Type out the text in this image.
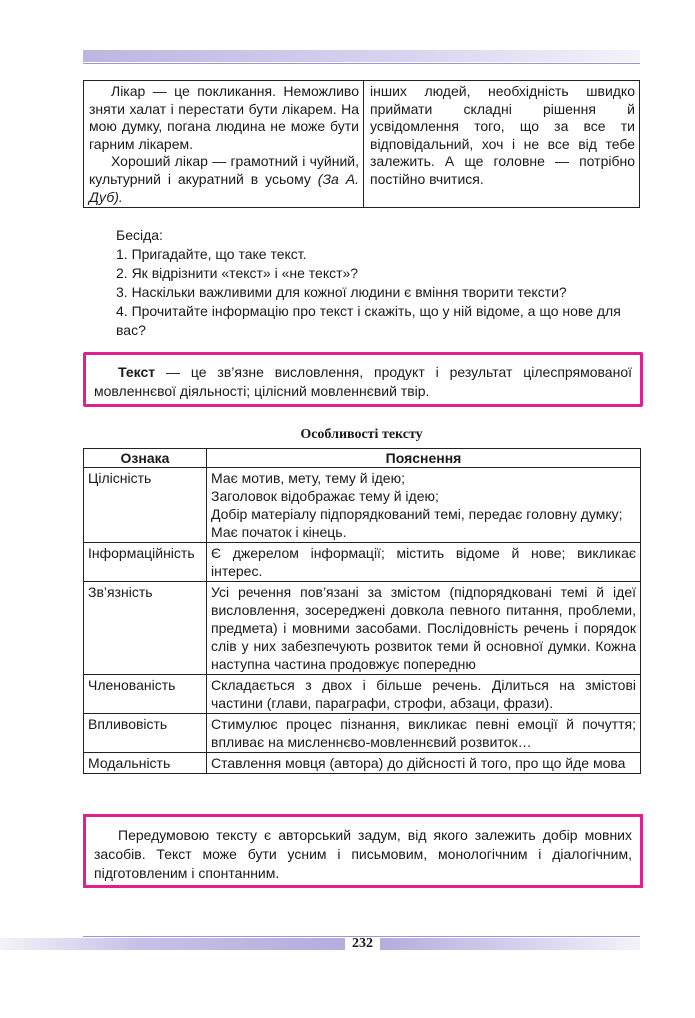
Лікар — це покликання. Неможливо зняти халат і перестати бути лікарем. На мою думку, погана людина не може бути гарним лікарем.

Хороший лікар — грамотний і чуйний, культурний і акуратний в усьому (За А. Дуб).

інших людей, необхідність швидко приймати складні рішення й усвідомлення того, що за все ти відповідальний, хоч і не все від тебе залежить. А ще головне — потрібно постійно вчитися.

Бесіда:
1. Пригадайте, що таке текст.
2. Як відрізнити «текст» і «не текст»?
3. Наскільки важливими для кожної людини є вміння творити тексти?
4. Прочитайте інформацію про текст і скажіть, що у ній відоме, а що нове для вас?

Текст — це зв’язне висловлення, продукт і результат цілеспрямованої мовленнєвої діяльності; цілісний мовленнєвий твір.

Особливості тексту
Ознака	Пояснення
Цілісність	Має мотив, мету, тему й ідею;
Заголовок відображає тему й ідею;
Добір матеріалу підпорядкований темі, передає головну думку;
Має початок і кінець.

Інформаційність	Є джерелом інформації; містить відоме й нове; викликає інтерес.

Зв’язність	Усі речення пов’язані за змістом (підпорядковані темі й ідеї висловлення, зосереджені довкола певного питання, проблеми, предмета) і мовними засобами. Послідовність речень і порядок слів у них забезпечують розвиток теми й основної думки. Кожна наступна частина продовжує попередню

Членованість	Складається з двох і більше речень. Ділиться на змістові частини (глави, параграфи, строфи, абзаци, фрази).

Впливовість	Стимулює процес пізнання, викликає певні емоції й почуття; впливає на мисленнєво-мовленнєвий розвиток…

Модальність	Ставлення мовця (автора) до дійсності й того, про що йде мова

Передумовою тексту є авторський задум, від якого залежить добір мовних засобів. Текст може бути усним і письмовим, монологічним і діалогічним, підготовленим і спонтанним.

232
